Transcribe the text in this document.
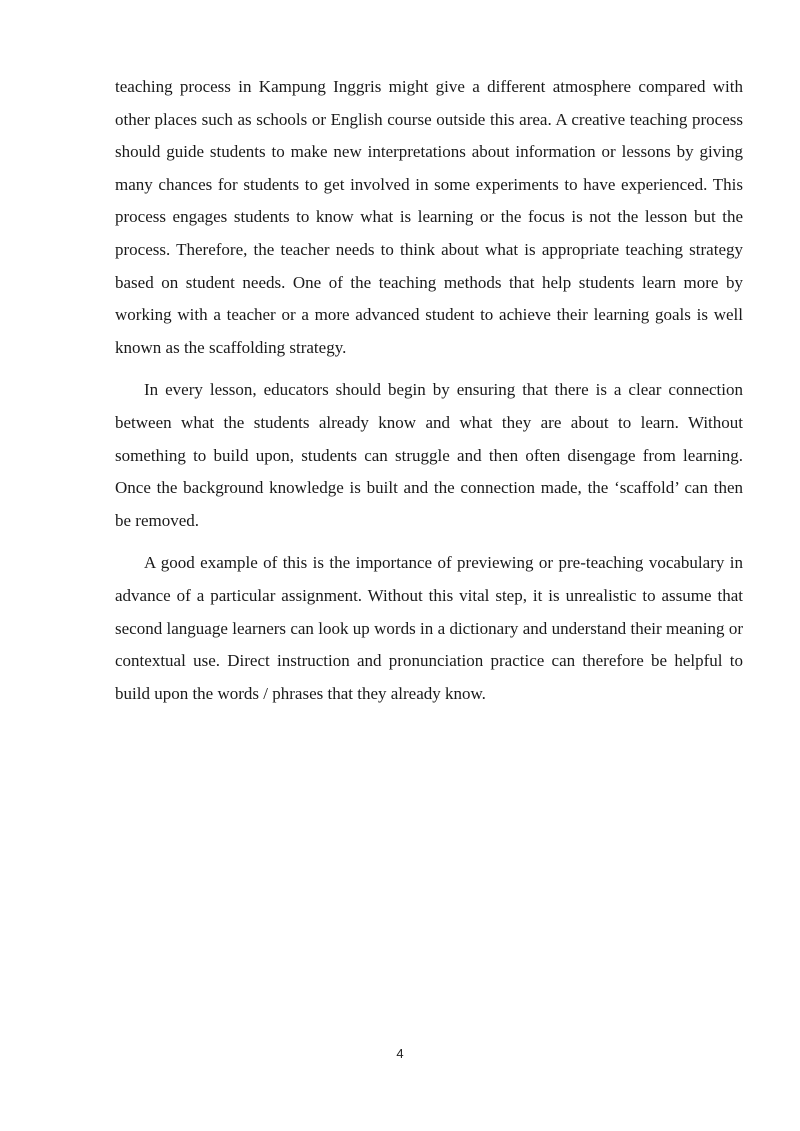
teaching process in Kampung Inggris might give a different atmosphere compared with other places such as schools or English course outside this area. A creative teaching process should guide students to make new interpretations about information or lessons by giving many chances for students to get involved in some experiments to have experienced. This process engages students to know what is learning or the focus is not the lesson but the process. Therefore, the teacher needs to think about what is appropriate teaching strategy based on student needs. One of the teaching methods that help students learn more by working with a teacher or a more advanced student to achieve their learning goals is well known as the scaffolding strategy.

In every lesson, educators should begin by ensuring that there is a clear connection between what the students already know and what they are about to learn. Without something to build upon, students can struggle and then often disengage from learning. Once the background knowledge is built and the connection made, the ‘scaffold’ can then be removed.

A good example of this is the importance of previewing or pre-teaching vocabulary in advance of a particular assignment. Without this vital step, it is unrealistic to assume that second language learners can look up words in a dictionary and understand their meaning or contextual use. Direct instruction and pronunciation practice can therefore be helpful to build upon the words / phrases that they already know.

4
